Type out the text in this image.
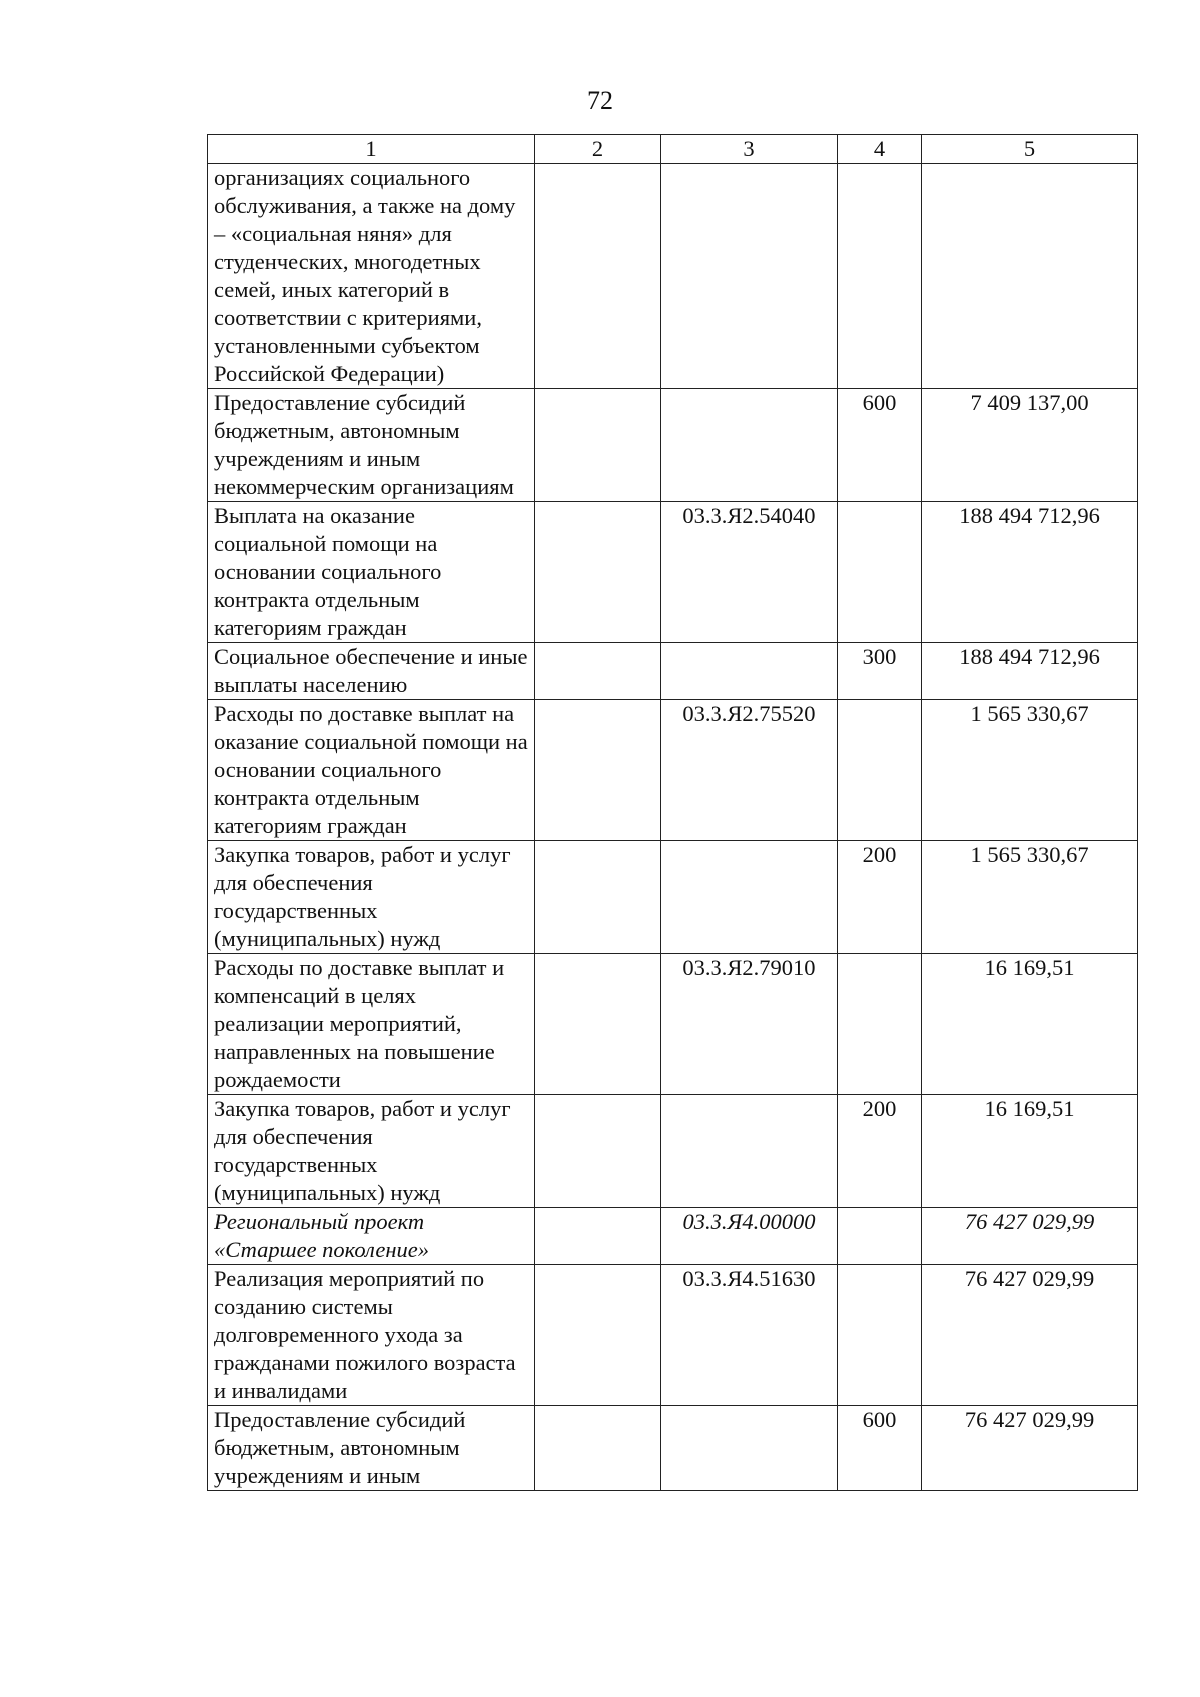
72
1	2	3	4	5
организациях социального обслуживания, а также на дому – «социальная няня» для студенческих, многодетных семей, иных категорий в соответствии с критериями, установленными субъектом Российской Федерации)				
Предоставление субсидий бюджетным, автономным учреждениям и иным некоммерческим организациям			600	7 409 137,00
Выплата на оказание социальной помощи на основании социального контракта отдельным категориям граждан		03.3.Я2.54040		188 494 712,96
Социальное обеспечение и иные выплаты населению			300	188 494 712,96
Расходы по доставке выплат на оказание социальной помощи на основании социального контракта отдельным категориям граждан		03.3.Я2.75520		1 565 330,67
Закупка товаров, работ и услуг для обеспечения государственных (муниципальных) нужд			200	1 565 330,67
Расходы по доставке выплат и компенсаций в целях реализации мероприятий, направленных на повышение рождаемости		03.3.Я2.79010		16 169,51
Закупка товаров, работ и услуг для обеспечения государственных (муниципальных) нужд			200	16 169,51
Региональный проект «Старшее поколение»		03.3.Я4.00000		76 427 029,99
Реализация мероприятий по созданию системы долговременного ухода за гражданами пожилого возраста и инвалидами		03.3.Я4.51630		76 427 029,99
Предоставление субсидий бюджетным, автономным учреждениям и иным			600	76 427 029,99
